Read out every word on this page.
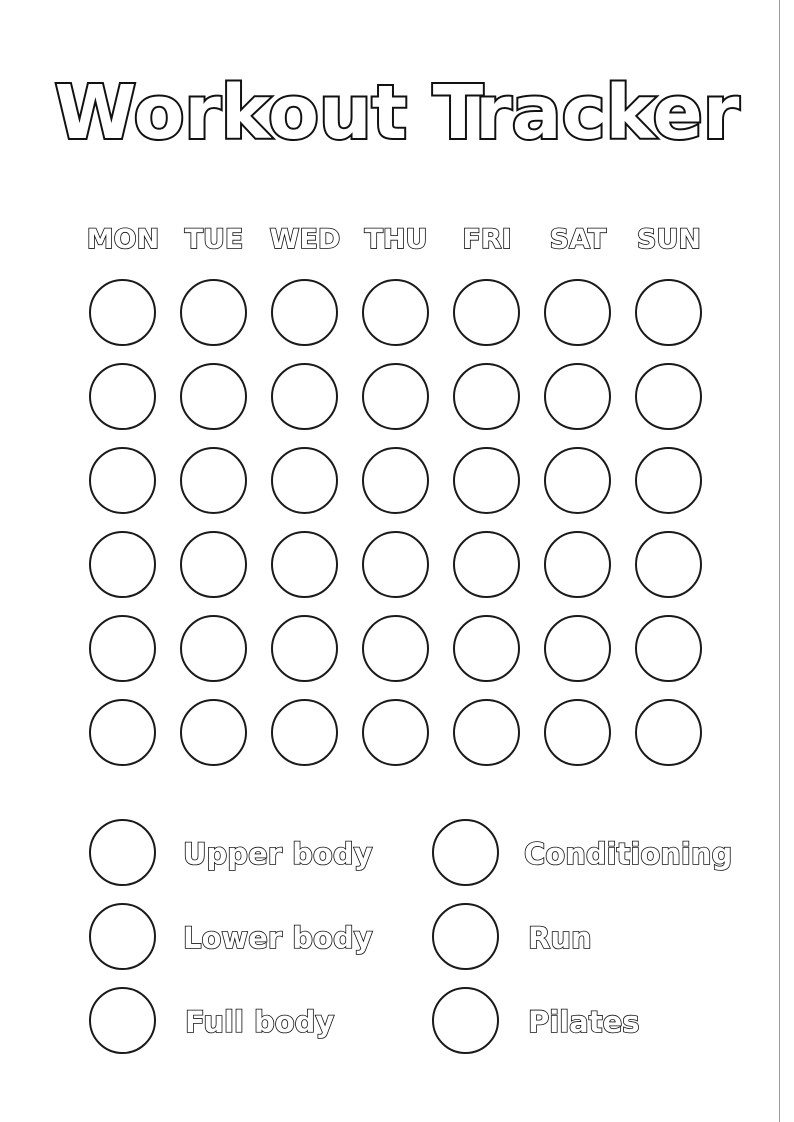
Workout Tracker
MON TUE WED THU	FRI	SAT	SUN
Upper body
Lower body
Full body
Conditioning
Run
Pilates
